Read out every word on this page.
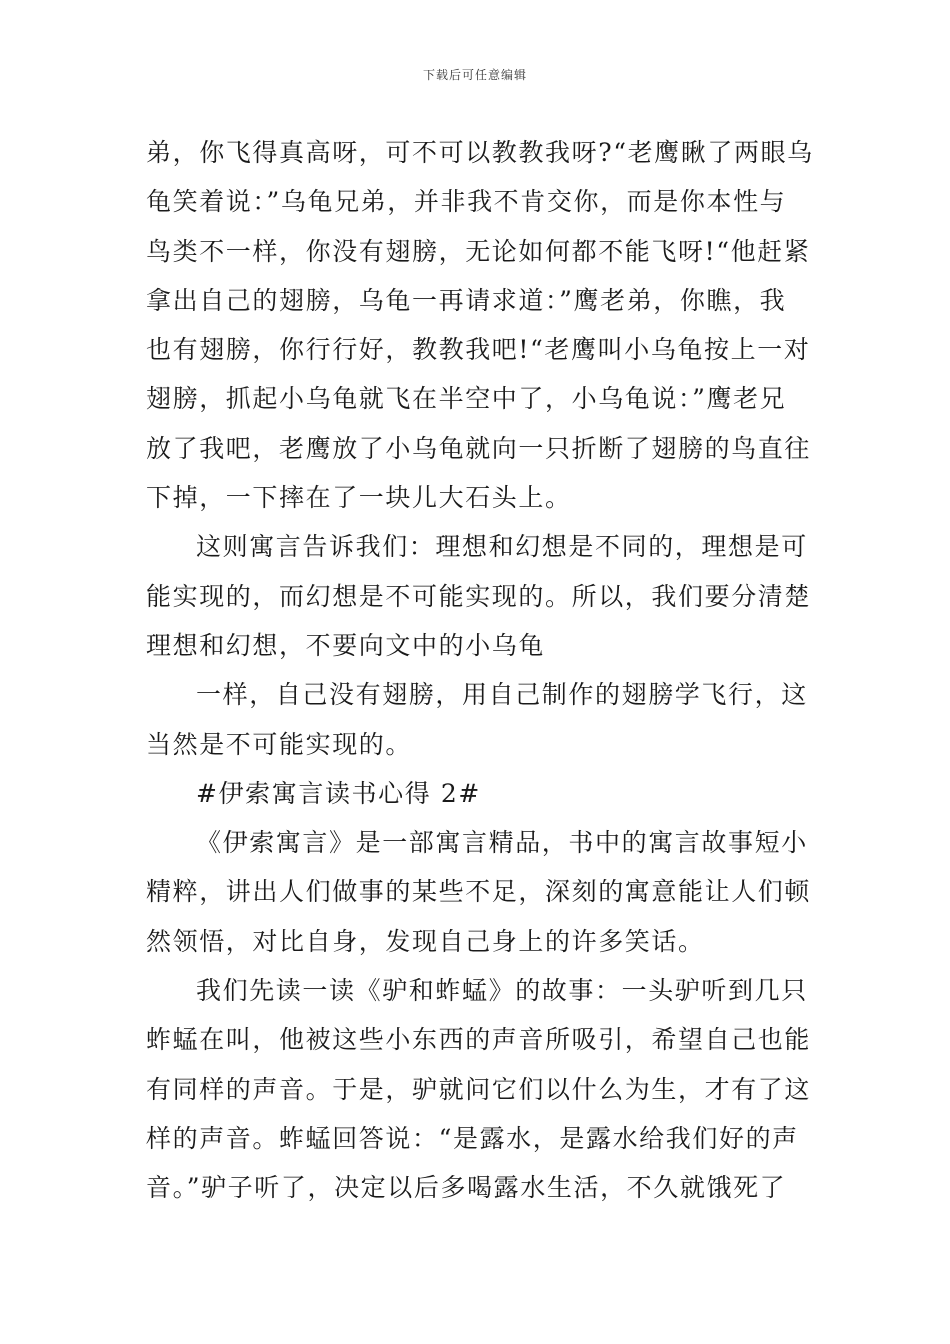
下载后可任意编辑
弟，你飞得真高呀，可不可以教教我呀?“老鹰瞅了两眼乌
龟笑着说：”乌龟兄弟，并非我不肯交你，而是你本性与
鸟类不一样，你没有翅膀，无论如何都不能飞呀!“他赶紧
拿出自己的翅膀，乌龟一再请求道：”鹰老弟，你瞧，我
也有翅膀，你行行好，教教我吧!“老鹰叫小乌龟按上一对
翅膀，抓起小乌龟就飞在半空中了，小乌龟说：”鹰老兄
放了我吧，老鹰放了小乌龟就向一只折断了翅膀的鸟直往
下掉，一下摔在了一块儿大石头上。
这则寓言告诉我们：理想和幻想是不同的，理想是可
能实现的，而幻想是不可能实现的。所以，我们要分清楚
理想和幻想，不要向文中的小乌龟
一样，自己没有翅膀，用自己制作的翅膀学飞行，这
当然是不可能实现的。
#伊索寓言读书心得 2#
《伊索寓言》是一部寓言精品，书中的寓言故事短小
精粹，讲出人们做事的某些不足，深刻的寓意能让人们顿
然领悟，对比自身，发现自己身上的许多笑话。
我们先读一读《驴和蚱蜢》的故事：一头驴听到几只
蚱蜢在叫，他被这些小东西的声音所吸引，希望自己也能
有同样的声音。于是，驴就问它们以什么为生，才有了这
样的声音。蚱蜢回答说：“是露水，是露水给我们好的声
音。”驴子听了，决定以后多喝露水生活，不久就饿死了
